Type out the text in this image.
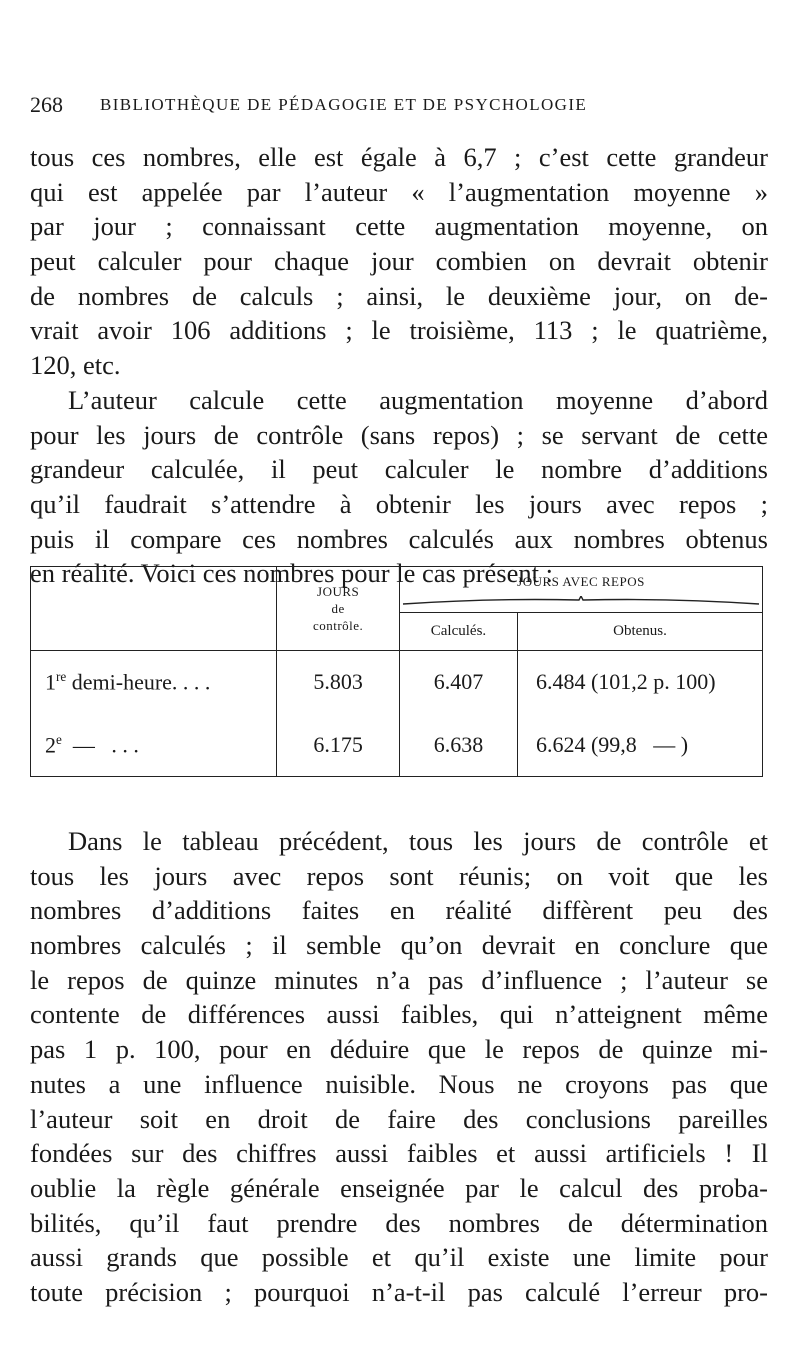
268 BIBLIOTHÈQUE DE PÉDAGOGIE ET DE PSYCHOLOGIE
tous ces nombres, elle est égale à 6,7 ; c’est cette grandeur
qui est appelée par l’auteur « l’augmentation moyenne »
par jour ; connaissant cette augmentation moyenne, on
peut calculer pour chaque jour combien on devrait obtenir
de nombres de calculs ; ainsi, le deuxième jour, on de-
vrait avoir 106 additions ; le troisième, 113 ; le quatrième,
120, etc.
L’auteur calcule cette augmentation moyenne d’abord
pour les jours de contrôle (sans repos) ; se servant de cette
grandeur calculée, il peut calculer le nombre d’additions
qu’il faudrait s’attendre à obtenir les jours avec repos ;
puis il compare ces nombres calculés aux nombres obtenus
en réalité. Voici ces nombres pour le cas présent :

	JOURS
de
contrôle.	JOURS AVEC REPOS	

		Calculés.	Obtenus.
1re demi-heure. . . .	5.803	6.407	6.484 (101,2 p. 100)
2e  —   . . .	6.175	6.638	6.624 (99,8   — )
Dans le tableau précédent, tous les jours de contrôle et
tous les jours avec repos sont réunis; on voit que les
nombres d’additions faites en réalité diffèrent peu des
nombres calculés ; il semble qu’on devrait en conclure que
le repos de quinze minutes n’a pas d’influence ; l’auteur se
contente de différences aussi faibles, qui n’atteignent même
pas 1 p. 100, pour en déduire que le repos de quinze mi-
nutes a une influence nuisible. Nous ne croyons pas que
l’auteur soit en droit de faire des conclusions pareilles
fondées sur des chiffres aussi faibles et aussi artificiels ! Il
oublie la règle générale enseignée par le calcul des proba-
bilités, qu’il faut prendre des nombres de détermination
aussi grands que possible et qu’il existe une limite pour
toute précision ; pourquoi n’a-t-il pas calculé l’erreur pro-
